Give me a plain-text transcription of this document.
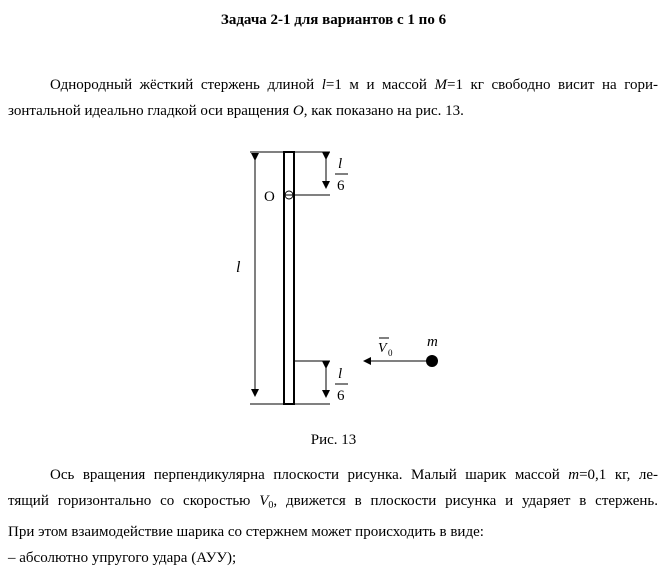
Задача 2-1 для вариантов с 1 по 6
Однородный жёсткий стержень длиной l=1 м и массой M=1 кг свободно висит на гори-
зонтальной идеально гладкой оси вращения O, как показано на рис. 13.
O
l
l
6
l
6
V 0
m
Рис. 13
Ось вращения перпендикулярна плоскости рисунка. Малый шарик массой m=0,1 кг, ле-
тящий горизонтально со скоростью $V_0$, движется в плоскости рисунка и ударяет в стержень.
При этом взаимодействие шарика со стержнем может происходить в виде:
– абсолютно упругого удара (АУУ);
